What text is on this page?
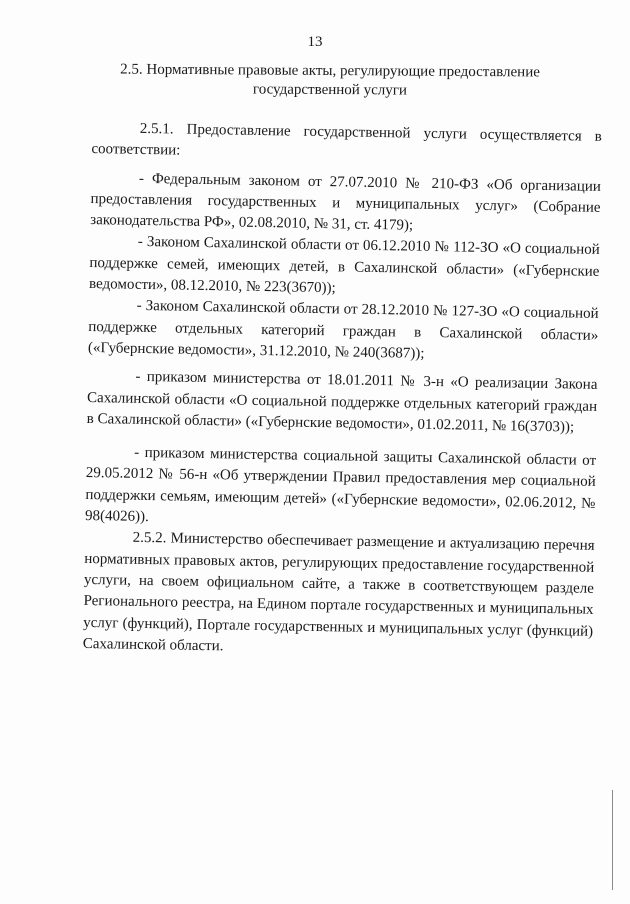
13
2.5. Нормативные правовые акты, регулирующие предоставление
государственной услуги

2.5.1. Предоставление государственной услуги осуществляется в соответствии:

- Федеральным законом от 27.07.2010 № 210-ФЗ «Об организации предоставления государственных и муниципальных услуг» (Собрание законодательства РФ», 02.08.2010, № 31, ст. 4179);

- Законом Сахалинской области от 06.12.2010 № 112-ЗО «О социальной поддержке семей, имеющих детей, в Сахалинской области» («Губернские ведомости», 08.12.2010, № 223(3670));

- Законом Сахалинской области от 28.12.2010 № 127-ЗО «О социальной поддержке отдельных категорий граждан в Сахалинской области» («Губернские ведомости», 31.12.2010, № 240(3687));

- приказом министерства от 18.01.2011 № 3-н «О реализации Закона Сахалинской области «О социальной поддержке отдельных категорий граждан в Сахалинской области» («Губернские ведомости», 01.02.2011, № 16(3703));

- приказом министерства социальной защиты Сахалинской области от 29.05.2012 № 56-н «Об утверждении Правил предоставления мер социальной поддержки семьям, имеющим детей» («Губернские ведомости», 02.06.2012, № 98(4026)).

2.5.2. Министерство обеспечивает размещение и актуализацию перечня нормативных правовых актов, регулирующих предоставление государственной услуги, на своем официальном сайте, а также в соответствующем разделе Регионального реестра, на Едином портале государственных и муниципальных услуг (функций), Портале государственных и муниципальных услуг (функций) Сахалинской области.
